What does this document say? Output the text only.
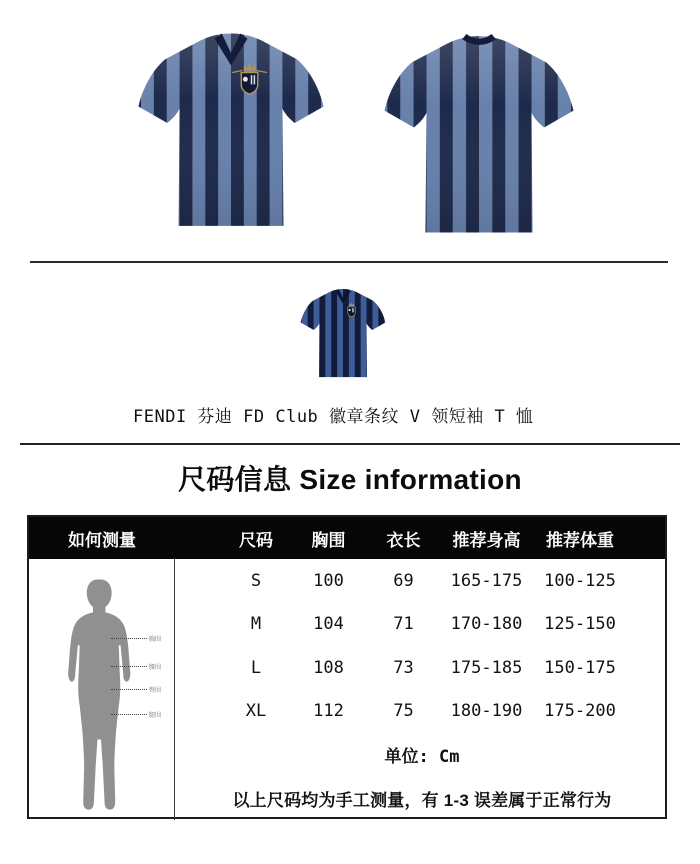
FENDI 芬迪 FD Club 徽章条纹 V 领短袖 T 恤
尺码信息 Size information
如何测量	尺码	胸围	衣长	推荐身高	推荐体重
胸围
腰围
臀围
腿围
S	100	69	165-175	100-125
M	104	71	170-180	125-150
L	108	73	175-185	150-175
XL	112	75	180-190	175-200
单位: Cm
以上尺码均为手工测量，有 1-3 误差属于正常行为
